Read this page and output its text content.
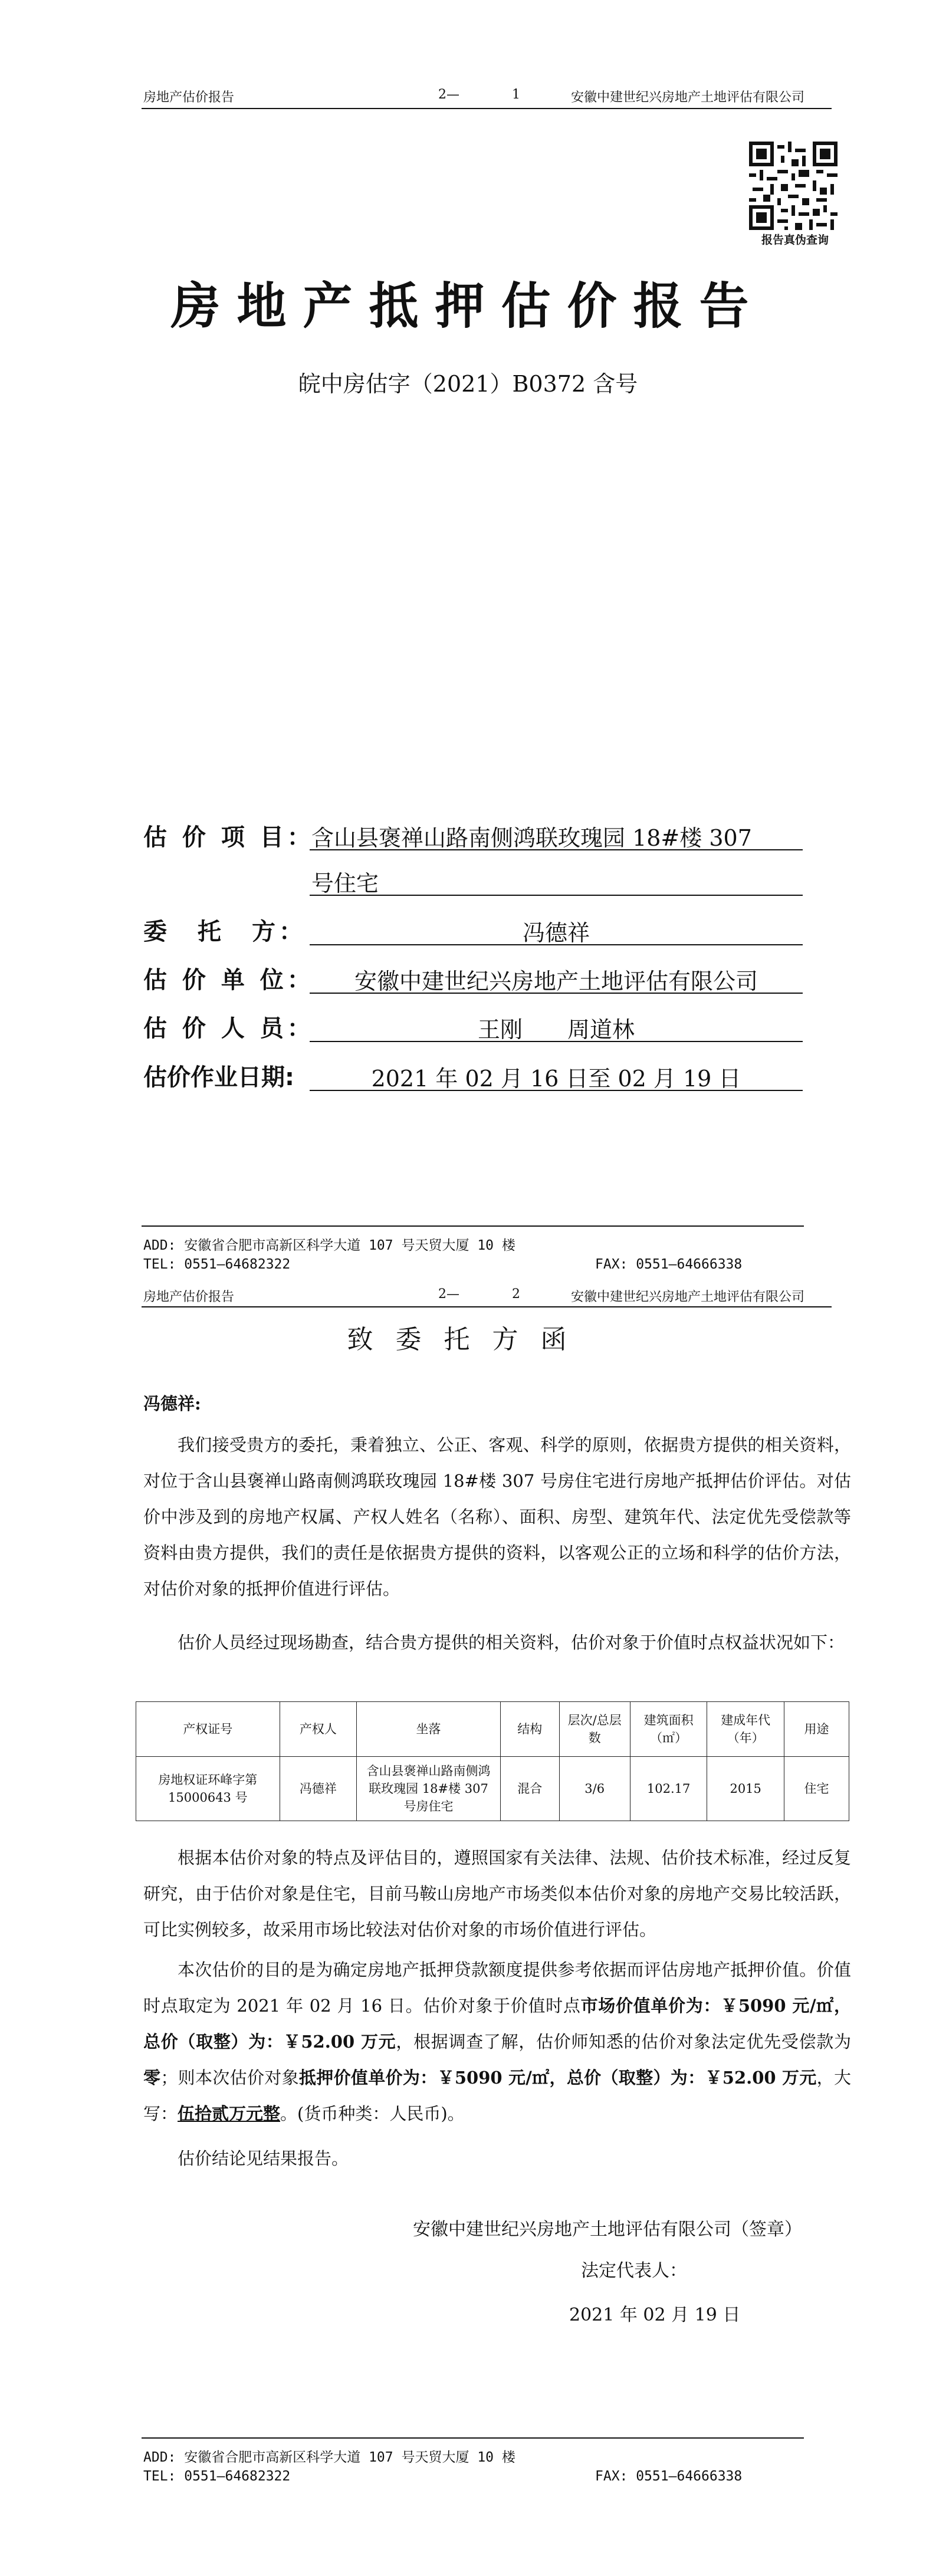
房地产估价报告	2—	1	安徽中建世纪兴房地产土地评估有限公司
报告真伪查询
房地产抵押估价报告
皖中房估字（2021）B0372 含号
估 价 项 目：
含山县褒禅山路南侧鸿联玫瑰园 18#楼 307
号住宅
委　托　方：	冯德祥
估 价 单 位：	安徽中建世纪兴房地产土地评估有限公司
估 价 人 员：	王刚　　周道林
估价作业日期:	2021 年 02 月 16 日至 02 月 19 日
ADD: 安徽省合肥市高新区科学大道 107 号天贸大厦 10 楼
TEL: 0551—64682322	FAX: 0551—64666338
房地产估价报告	2—	2	安徽中建世纪兴房地产土地评估有限公司
致委托方函
冯德祥:
我们接受贵方的委托，秉着独立、公正、客观、科学的原则，依据贵方提供的相关资料，对位于含山县褒禅山路南侧鸿联玫瑰园 18#楼 307 号房住宅进行房地产抵押估价评估。对估价中涉及到的房地产权属、产权人姓名（名称）、面积、房型、建筑年代、法定优先受偿款等资料由贵方提供，我们的责任是依据贵方提供的资料，以客观公正的立场和科学的估价方法，对估价对象的抵押价值进行评估。
估价人员经过现场勘查，结合贵方提供的相关资料，估价对象于价值时点权益状况如下：
产权证号	产权人	坐落	结构	层次/总层数	建筑面积（㎡）	建成年代（年）	用途
房地权证环峰字第15000643 号	冯德祥	含山县褒禅山路南侧鸿联玫瑰园 18#楼 307 号房住宅	混合	3/6	102.17	2015	住宅
根据本估价对象的特点及评估目的，遵照国家有关法律、法规、估价技术标准，经过反复研究，由于估价对象是住宅，目前马鞍山房地产市场类似本估价对象的房地产交易比较活跃，可比实例较多，故采用市场比较法对估价对象的市场价值进行评估。
本次估价的目的是为确定房地产抵押贷款额度提供参考依据而评估房地产抵押价值。价值时点取定为 2021 年 02 月 16 日。估价对象于价值时点市场价值单价为：￥5090 元/㎡，总价（取整）为：￥52.00 万元，根据调查了解，估价师知悉的估价对象法定优先受偿款为零；则本次估价对象抵押价值单价为：￥5090 元/㎡，总价（取整）为：￥52.00 万元，大写：伍拾贰万元整。(货币种类：人民币)。
估价结论见结果报告。
安徽中建世纪兴房地产土地评估有限公司（签章）
法定代表人：
2021 年 02 月 19 日
ADD: 安徽省合肥市高新区科学大道 107 号天贸大厦 10 楼
TEL: 0551—64682322	FAX: 0551—64666338
